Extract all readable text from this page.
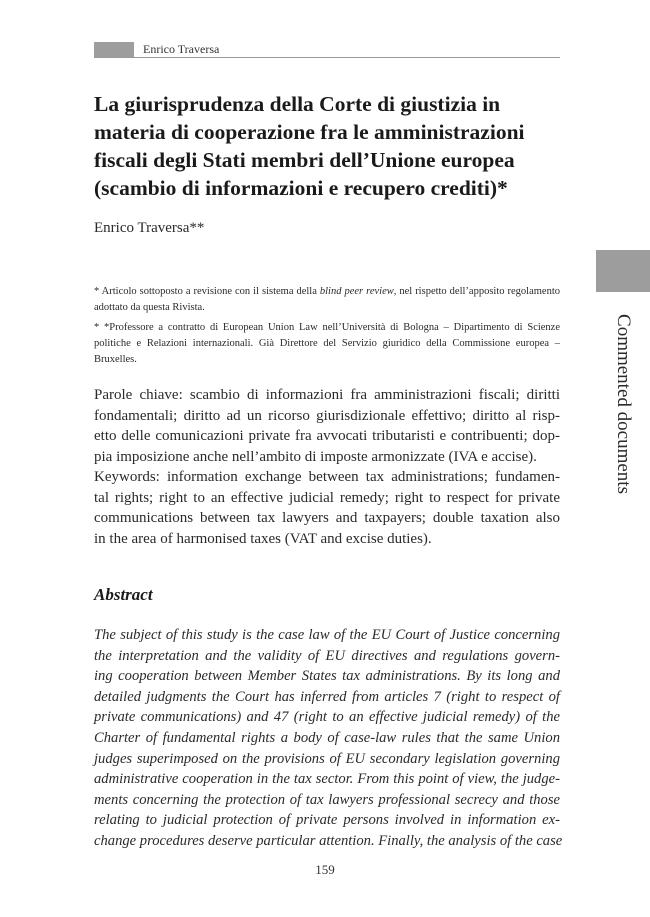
Enrico Traversa
La giurisprudenza della Corte di giustizia in
materia di cooperazione fra le amministrazioni
fiscali degli Stati membri dell’Unione europea
(scambio di informazioni e recupero crediti)*
Enrico Traversa**
* Articolo sottoposto a revisione con il sistema della blind peer review, nel rispetto dell’apposito regolamento adottato da questa Rivista.
* *Professore a contratto di European Union Law nell’Università di Bologna – Dipartimento di Scienze politiche e Relazioni internazionali. Già Direttore del Servizio giuridico della Commissione europea – Bruxelles.
Parole chiave: scambio di informazioni fra amministrazioni fiscali; diritti
fondamentali; diritto ad un ricorso giurisdizionale effettivo; diritto al risp-
etto delle comunicazioni private fra avvocati tributaristi e contribuenti; dop-
pia imposizione anche nell’ambito di imposte armonizzate (IVA e accise).
Keywords: information exchange between tax administrations; fundamen-
tal rights; right to an effective judicial remedy; right to respect for private
communications between tax lawyers and taxpayers; double taxation also
in the area of harmonised taxes (VAT and excise duties).
Abstract
The subject of this study is the case law of the EU Court of Justice concerning
the interpretation and the validity of EU directives and regulations govern-
ing cooperation between Member States tax administrations. By its long and
detailed judgments the Court has inferred from articles 7 (right to respect of
private communications) and 47 (right to an effective judicial remedy) of the
Charter of fundamental rights a body of case-law rules that the same Union
judges superimposed on the provisions of EU secondary legislation governing
administrative cooperation in the tax sector. From this point of view, the judge-
ments concerning the protection of tax lawyers professional secrecy and those
relating to judicial protection of private persons involved in information ex-
change procedures deserve particular attention. Finally, the analysis of the case
159
Commented documents
